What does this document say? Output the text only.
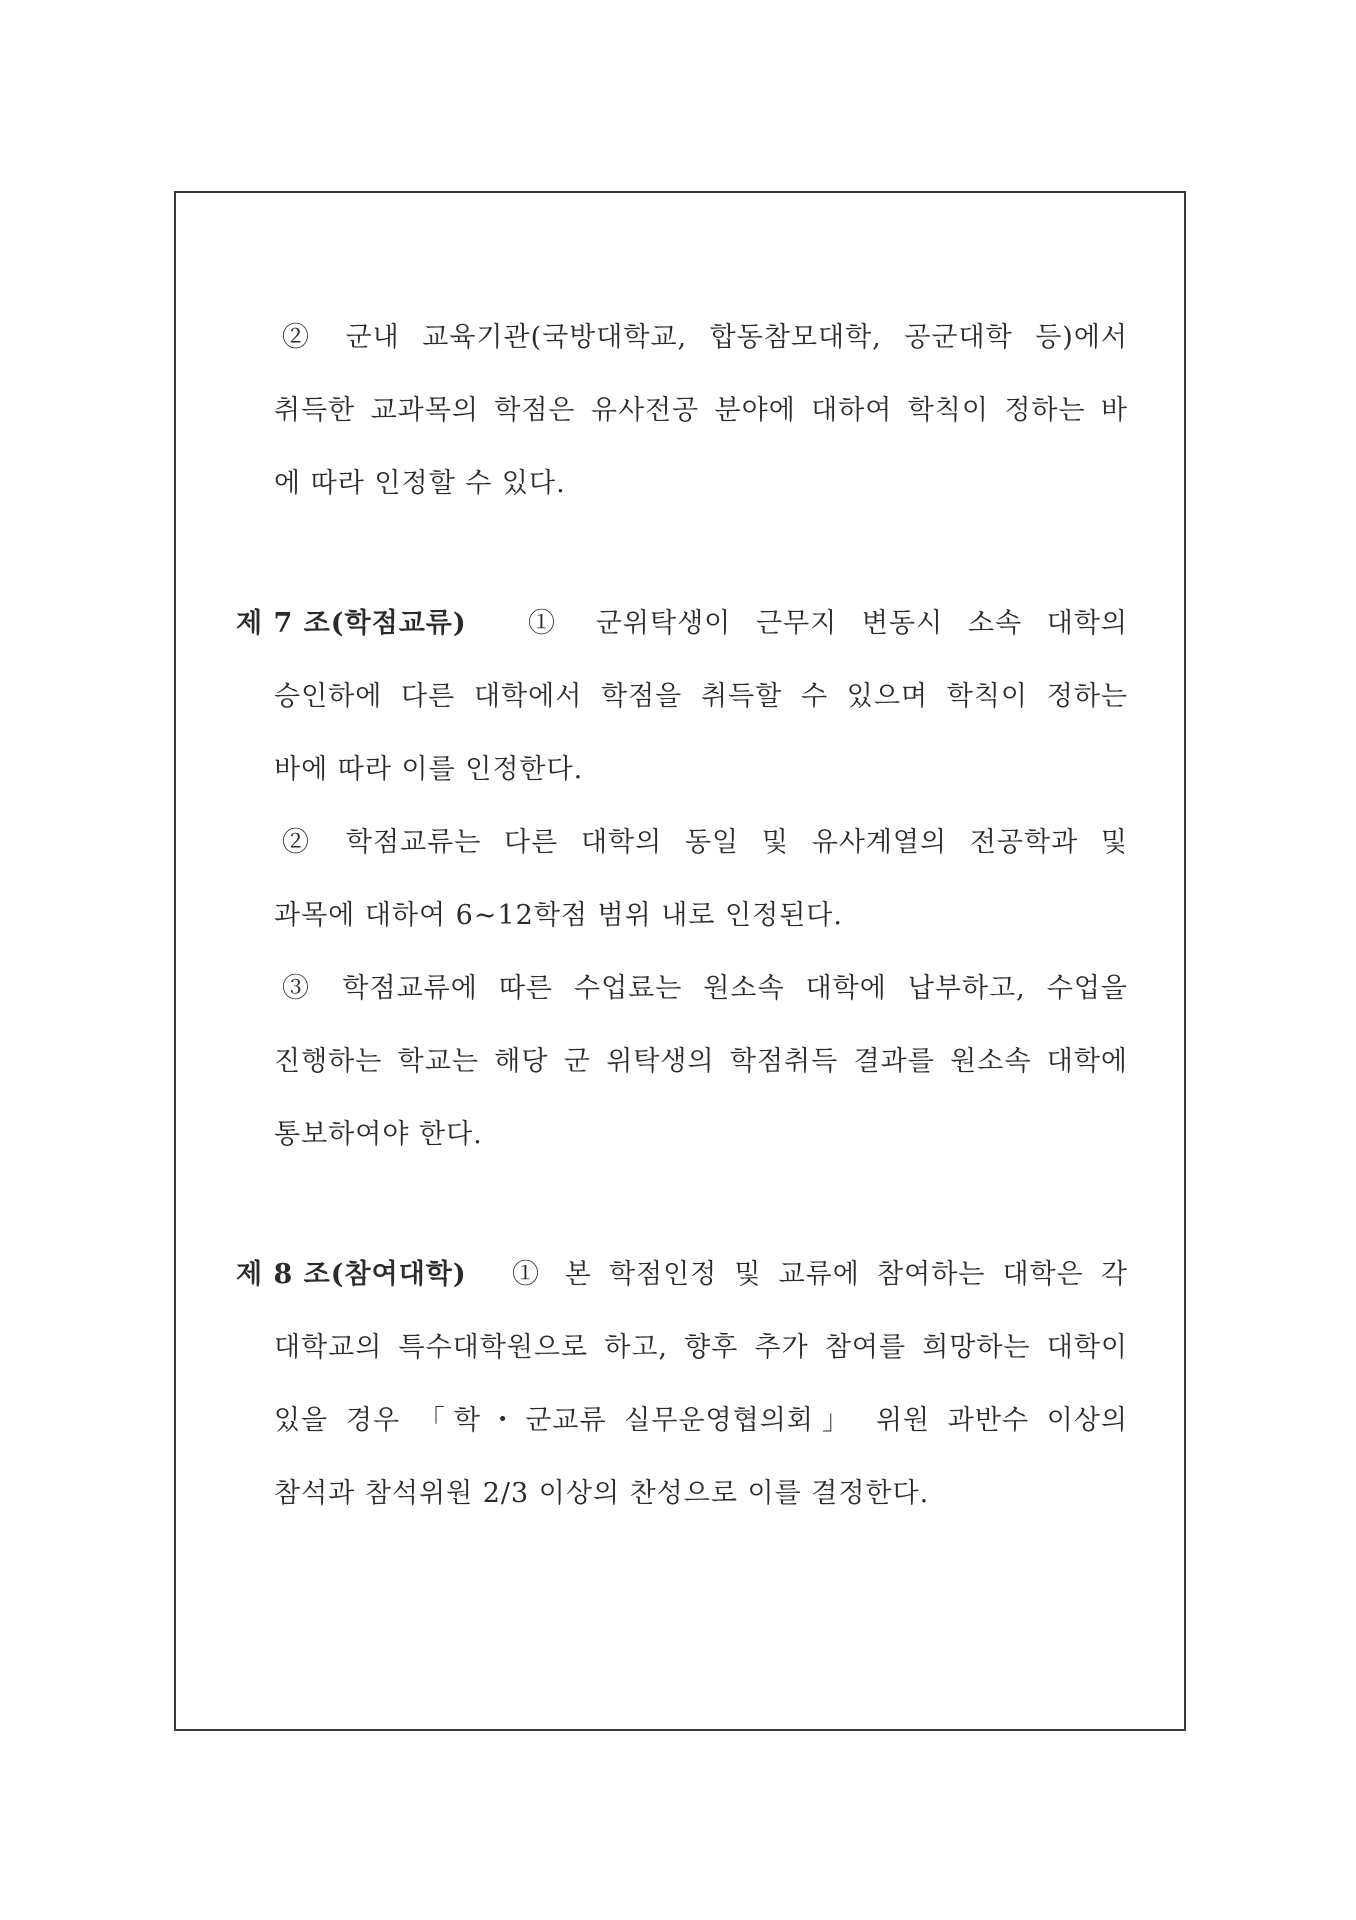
② 군내 교육기관(국방대학교, 합동참모대학, 공군대학 등)에서
취득한 교과목의 학점은 유사전공 분야에 대하여 학칙이 정하는 바
에 따라 인정할 수 있다.
제 7 조(학점교류) ① 군위탁생이 근무지 변동시 소속 대학의
승인하에 다른 대학에서 학점을 취득할 수 있으며 학칙이 정하는
바에 따라 이를 인정한다.
② 학점교류는 다른 대학의 동일 및 유사계열의 전공학과 및
과목에 대하여 6~12학점 범위 내로 인정된다.
③ 학점교류에 따른 수업료는 원소속 대학에 납부하고, 수업을
진행하는 학교는 해당 군 위탁생의 학점취득 결과를 원소속 대학에
통보하여야 한다.
제 8 조(참여대학) ① 본 학점인정 및 교류에 참여하는 대학은 각
대학교의 특수대학원으로 하고, 향후 추가 참여를 희망하는 대학이
있을 경우 「학・군교류 실무운영협의회」 위원 과반수 이상의
참석과 참석위원 2/3 이상의 찬성으로 이를 결정한다.
